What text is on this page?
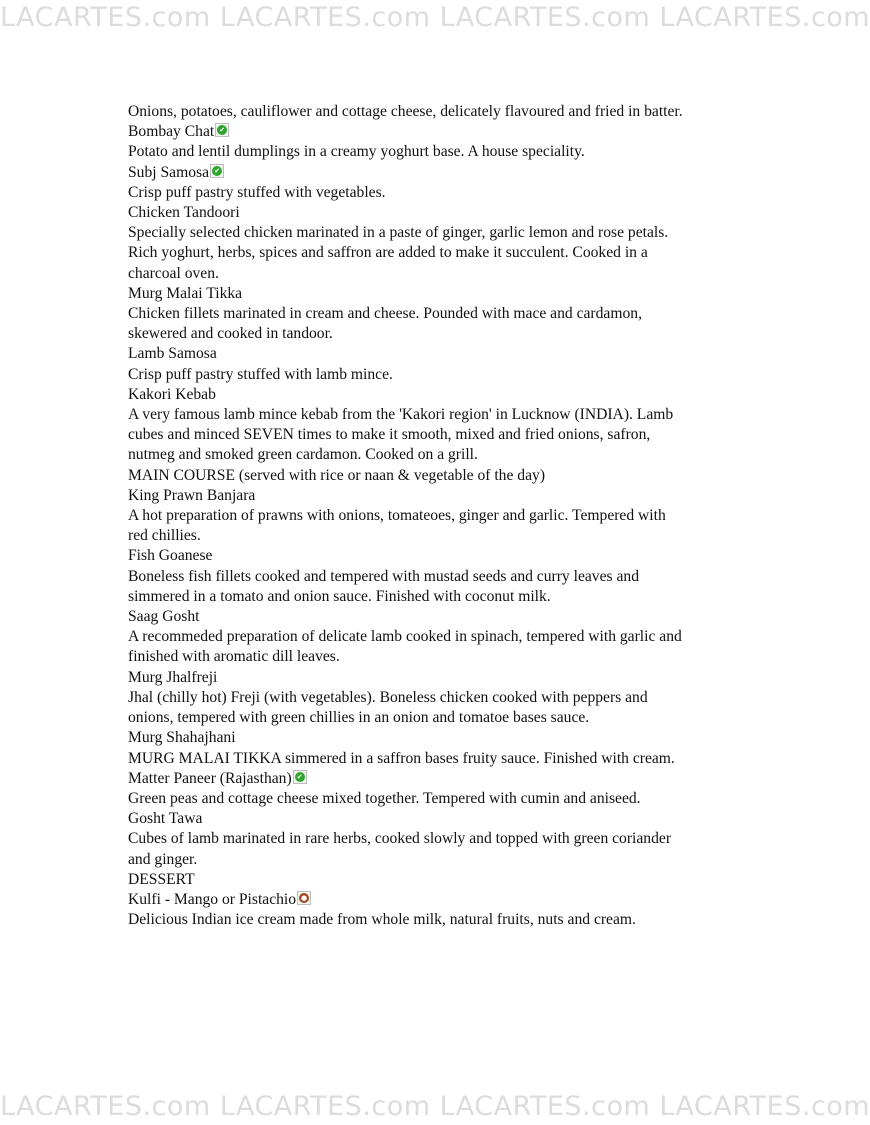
LACARTES.com LACARTES.com LACARTES.com LACARTES.com
Onions, potatoes, cauliflower and cottage cheese, delicately flavoured and fried in batter.
Bombay Chat ✔
Potato and lentil dumplings in a creamy yoghurt base. A house speciality.
Subj Samosa ✔
Crisp puff pastry stuffed with vegetables.
Chicken Tandoori
Specially selected chicken marinated in a paste of ginger, garlic lemon and rose petals.
Rich yoghurt, herbs, spices and saffron are added to make it succulent. Cooked in a
charcoal oven.
Murg Malai Tikka
Chicken fillets marinated in cream and cheese. Pounded with mace and cardamon,
skewered and cooked in tandoor.
Lamb Samosa
Crisp puff pastry stuffed with lamb mince.
Kakori Kebab
A very famous lamb mince kebab from the 'Kakori region' in Lucknow (INDIA). Lamb
cubes and minced SEVEN times to make it smooth, mixed and fried onions, safron,
nutmeg and smoked green cardamon. Cooked on a grill.
MAIN COURSE (served with rice or naan & vegetable of the day)
King Prawn Banjara
A hot preparation of prawns with onions, tomateoes, ginger and garlic. Tempered with
red chillies.
Fish Goanese
Boneless fish fillets cooked and tempered with mustad seeds and curry leaves and
simmered in a tomato and onion sauce. Finished with coconut milk.
Saag Gosht
A recommeded preparation of delicate lamb cooked in spinach, tempered with garlic and
finished with aromatic dill leaves.
Murg Jhalfreji
Jhal (chilly hot) Freji (with vegetables). Boneless chicken cooked with peppers and
onions, tempered with green chillies in an onion and tomatoe bases sauce.
Murg Shahajhani
MURG MALAI TIKKA simmered in a saffron bases fruity sauce. Finished with cream.
Matter Paneer (Rajasthan) ✔
Green peas and cottage cheese mixed together. Tempered with cumin and aniseed.
Gosht Tawa
Cubes of lamb marinated in rare herbs, cooked slowly and topped with green coriander
and ginger.
DESSERT
Kulfi - Mango or Pistachio ●
Delicious Indian ice cream made from whole milk, natural fruits, nuts and cream.
LACARTES.com LACARTES.com LACARTES.com LACARTES.com
